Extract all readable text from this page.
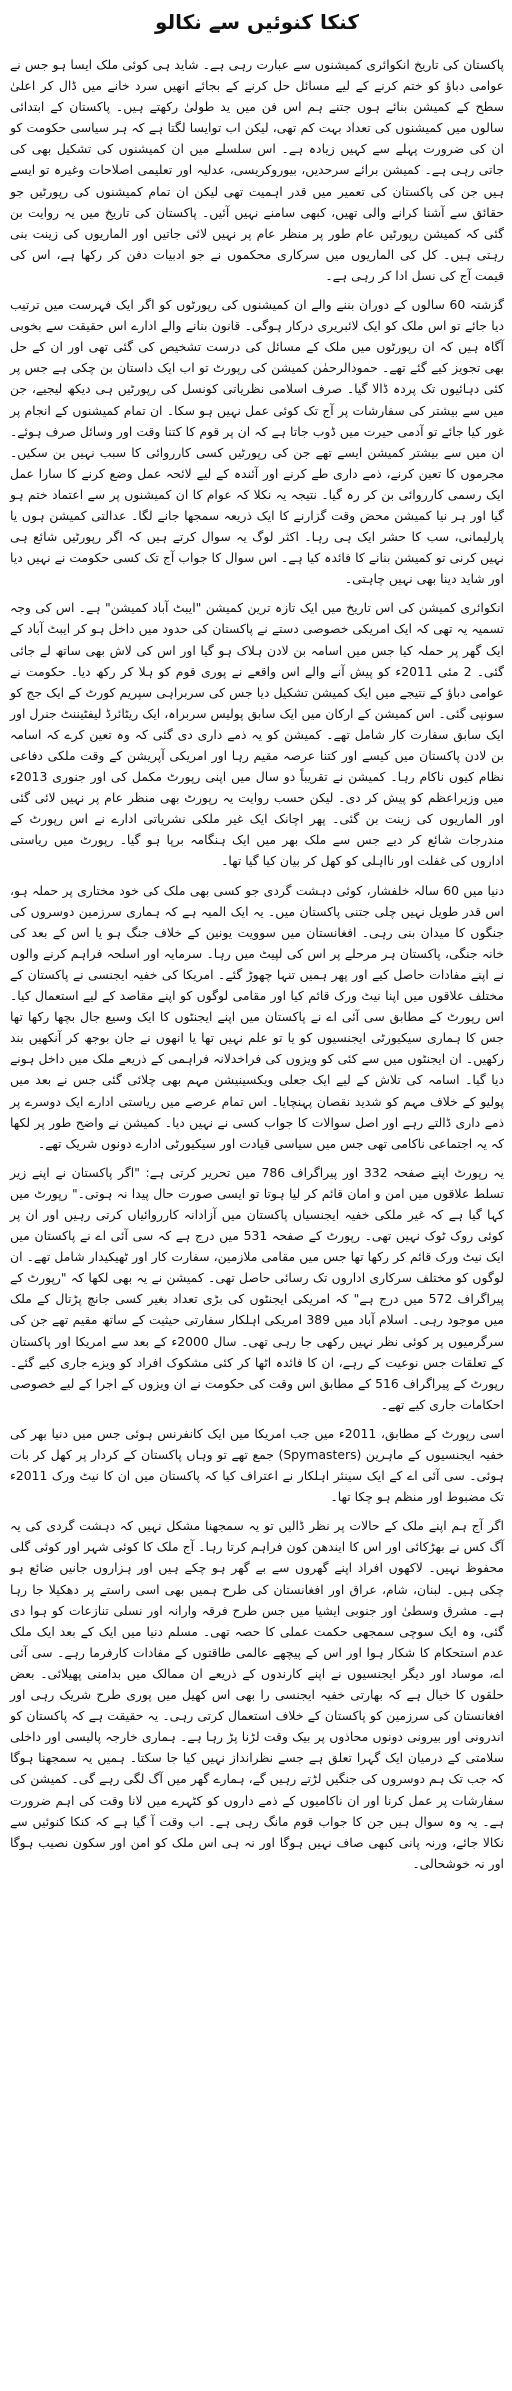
کنکا کنوئیں سے نکالو

پاکستان کی تاریخ انکوائری کمیشنوں سے عبارت رہی ہے۔ شاید ہی کوئی ملک ایسا ہو جس نے عوامی دباؤ کو ختم کرنے کے لیے مسائل حل کرنے کے بجائے انھیں سرد خانے میں ڈال کر اعلیٰ سطح کے کمیشن بنائے ہوں جتنے ہم اس فن میں ید طولیٰ رکھتے ہیں۔ پاکستان کے ابتدائی سالوں میں کمیشنوں کی تعداد بہت کم تھی، لیکن اب توایسا لگتا ہے کہ ہر سیاسی حکومت کو ان کی ضرورت پہلے سے کہیں زیادہ ہے۔ اس سلسلے میں ان کمیشنوں کی تشکیل بھی کی جاتی رہی ہے۔ کمیشن برائے سرحدیں، بیوروکریسی، عدلیہ اور تعلیمی اصلاحات وغیرہ تو ایسے ہیں جن کی پاکستان کی تعمیر میں قدر اہمیت تھی لیکن ان تمام کمیشنوں کی رپورٹیں جو حقائق سے آشنا کرانے والی تھیں، کبھی سامنے نہیں آئیں۔ پاکستان کی تاریخ میں یہ روایت بن گئی کہ کمیشن رپورٹیں عام طور پر منظر عام پر نہیں لائی جاتیں اور الماریوں کی زینت بنی رہتی ہیں۔ کل کی الماریوں میں سرکاری محکموں نے جو ادبیات دفن کر رکھا ہے، اس کی قیمت آج کی نسل ادا کر رہی ہے۔

گزشتہ 60 سالوں کے دوران بننے والے ان کمیشنوں کی رپورٹوں کو اگر ایک فہرست میں ترتیب دیا جائے تو اس ملک کو ایک لائبریری درکار ہوگی۔ قانون بنانے والے ادارے اس حقیقت سے بخوبی آگاہ ہیں کہ ان رپورٹوں میں ملک کے مسائل کی درست تشخیص کی گئی تھی اور ان کے حل بھی تجویز کیے گئے تھے۔ حمودالرحمٰن کمیشن کی رپورٹ تو اب ایک داستان بن چکی ہے جس پر کئی دہائیوں تک پردہ ڈالا گیا۔ صرف اسلامی نظریاتی کونسل کی رپورٹیں ہی دیکھ لیجیے، جن میں سے بیشتر کی سفارشات پر آج تک کوئی عمل نہیں ہو سکا۔ ان تمام کمیشنوں کے انجام پر غور کیا جائے تو آدمی حیرت میں ڈوب جاتا ہے کہ ان پر قوم کا کتنا وقت اور وسائل صرف ہوئے۔ ان میں سے بیشتر کمیشن ایسے تھے جن کی رپورٹیں کسی کارروائی کا سبب نہیں بن سکیں۔ مجرموں کا تعین کرنے، ذمے داری طے کرنے اور آئندہ کے لیے لائحہ عمل وضع کرنے کا سارا عمل ایک رسمی کارروائی بن کر رہ گیا۔ نتیجہ یہ نکلا کہ عوام کا ان کمیشنوں پر سے اعتماد ختم ہو گیا اور ہر نیا کمیشن محض وقت گزارنے کا ایک ذریعہ سمجھا جانے لگا۔ عدالتی کمیشن ہوں یا پارلیمانی، سب کا حشر ایک ہی رہا۔ اکثر لوگ یہ سوال کرتے ہیں کہ اگر رپورٹیں شائع ہی نہیں کرنی تو کمیشن بنانے کا فائدہ کیا ہے۔ اس سوال کا جواب آج تک کسی حکومت نے نہیں دیا اور شاید دینا بھی نہیں چاہتی۔

انکوائری کمیشن کی اس تاریخ میں ایک تازہ ترین کمیشن "ایبٹ آباد کمیشن" ہے۔ اس کی وجہ تسمیہ یہ تھی کہ ایک امریکی خصوصی دستے نے پاکستان کی حدود میں داخل ہو کر ایبٹ آباد کے ایک گھر پر حملہ کیا جس میں اسامہ بن لادن ہلاک ہو گیا اور اس کی لاش بھی ساتھ لے جائی گئی۔ 2 مئی 2011ء کو پیش آنے والے اس واقعے نے پوری قوم کو ہلا کر رکھ دیا۔ حکومت نے عوامی دباؤ کے نتیجے میں ایک کمیشن تشکیل دیا جس کی سربراہی سپریم کورٹ کے ایک جج کو سونپی گئی۔ اس کمیشن کے ارکان میں ایک سابق پولیس سربراہ، ایک ریٹائرڈ لیفٹیننٹ جنرل اور ایک سابق سفارت کار شامل تھے۔ کمیشن کو یہ ذمے داری دی گئی کہ وہ تعین کرے کہ اسامہ بن لادن پاکستان میں کیسے اور کتنا عرصہ مقیم رہا اور امریکی آپریشن کے وقت ملکی دفاعی نظام کیوں ناکام رہا۔ کمیشن نے تقریباً دو سال میں اپنی رپورٹ مکمل کی اور جنوری 2013ء میں وزیراعظم کو پیش کر دی۔ لیکن حسب روایت یہ رپورٹ بھی منظر عام پر نہیں لائی گئی اور الماریوں کی زینت بن گئی۔ پھر اچانک ایک غیر ملکی نشریاتی ادارے نے اس رپورٹ کے مندرجات شائع کر دیے جس سے ملک بھر میں ایک ہنگامہ برپا ہو گیا۔ رپورٹ میں ریاستی اداروں کی غفلت اور نااہلی کو کھل کر بیان کیا گیا تھا۔

دنیا میں 60 سالہ خلفشار، کوئی دہشت گردی جو کسی بھی ملک کی خود مختاری پر حملہ ہو، اس قدر طویل نہیں چلی جتنی پاکستان میں۔ یہ ایک المیہ ہے کہ ہماری سرزمین دوسروں کی جنگوں کا میدان بنی رہی۔ افغانستان میں سوویت یونین کے خلاف جنگ ہو یا اس کے بعد کی خانہ جنگی، پاکستان ہر مرحلے پر اس کی لپیٹ میں رہا۔ سرمایہ اور اسلحہ فراہم کرنے والوں نے اپنے مفادات حاصل کیے اور پھر ہمیں تنہا چھوڑ گئے۔ امریکا کی خفیہ ایجنسی نے پاکستان کے مختلف علاقوں میں اپنا نیٹ ورک قائم کیا اور مقامی لوگوں کو اپنے مقاصد کے لیے استعمال کیا۔ اس رپورٹ کے مطابق سی آئی اے نے پاکستان میں اپنے ایجنٹوں کا ایک وسیع جال بچھا رکھا تھا جس کا ہماری سیکیورٹی ایجنسیوں کو یا تو علم نہیں تھا یا انھوں نے جان بوجھ کر آنکھیں بند رکھیں۔ ان ایجنٹوں میں سے کئی کو ویزوں کی فراخدلانہ فراہمی کے ذریعے ملک میں داخل ہونے دیا گیا۔ اسامہ کی تلاش کے لیے ایک جعلی ویکسینیشن مہم بھی چلائی گئی جس نے بعد میں پولیو کے خلاف مہم کو شدید نقصان پہنچایا۔ اس تمام عرصے میں ریاستی ادارے ایک دوسرے پر ذمے داری ڈالتے رہے اور اصل سوالات کا جواب کسی نے نہیں دیا۔ کمیشن نے واضح طور پر لکھا کہ یہ اجتماعی ناکامی تھی جس میں سیاسی قیادت اور سیکیورٹی ادارے دونوں شریک تھے۔

یہ رپورٹ اپنے صفحہ 332 اور پیراگراف 786 میں تحریر کرتی ہے: "اگر پاکستان نے اپنے زیر تسلط علاقوں میں امن و امان قائم کر لیا ہوتا تو ایسی صورت حال پیدا نہ ہوتی۔" رپورٹ میں کہا گیا ہے کہ غیر ملکی خفیہ ایجنسیاں پاکستان میں آزادانہ کارروائیاں کرتی رہیں اور ان پر کوئی روک ٹوک نہیں تھی۔ رپورٹ کے صفحہ 531 میں درج ہے کہ سی آئی اے نے پاکستان میں ایک نیٹ ورک قائم کر رکھا تھا جس میں مقامی ملازمین، سفارت کار اور ٹھیکیدار شامل تھے۔ ان لوگوں کو مختلف سرکاری اداروں تک رسائی حاصل تھی۔ کمیشن نے یہ بھی لکھا کہ "رپورٹ کے پیراگراف 572 میں درج ہے" کہ امریکی ایجنٹوں کی بڑی تعداد بغیر کسی جانچ پڑتال کے ملک میں موجود رہی۔ اسلام آباد میں 389 امریکی اہلکار سفارتی حیثیت کے ساتھ مقیم تھے جن کی سرگرمیوں پر کوئی نظر نہیں رکھی جا رہی تھی۔ سال 2000ء کے بعد سے امریکا اور پاکستان کے تعلقات جس نوعیت کے رہے، ان کا فائدہ اٹھا کر کئی مشکوک افراد کو ویزے جاری کیے گئے۔ رپورٹ کے پیراگراف 516 کے مطابق اس وقت کی حکومت نے ان ویزوں کے اجرا کے لیے خصوصی احکامات جاری کیے تھے۔

اسی رپورٹ کے مطابق، 2011ء میں جب امریکا میں ایک کانفرنس ہوئی جس میں دنیا بھر کی خفیہ ایجنسیوں کے ماہرین (Spymasters) جمع تھے تو وہاں پاکستان کے کردار پر کھل کر بات ہوئی۔ سی آئی اے کے ایک سینئر اہلکار نے اعتراف کیا کہ پاکستان میں ان کا نیٹ ورک 2011ء تک مضبوط اور منظم ہو چکا تھا۔

اگر آج ہم اپنے ملک کے حالات پر نظر ڈالیں تو یہ سمجھنا مشکل نہیں کہ دہشت گردی کی یہ آگ کس نے بھڑکائی اور اس کا ایندھن کون فراہم کرتا رہا۔ آج ملک کا کوئی شہر اور کوئی گلی محفوظ نہیں۔ لاکھوں افراد اپنے گھروں سے بے گھر ہو چکے ہیں اور ہزاروں جانیں ضائع ہو چکی ہیں۔ لبنان، شام، عراق اور افغانستان کی طرح ہمیں بھی اسی راستے پر دھکیلا جا رہا ہے۔ مشرق وسطیٰ اور جنوبی ایشیا میں جس طرح فرقہ وارانہ اور نسلی تنازعات کو ہوا دی گئی، وہ ایک سوچی سمجھی حکمت عملی کا حصہ تھی۔ مسلم دنیا میں ایک کے بعد ایک ملک عدم استحکام کا شکار ہوا اور اس کے پیچھے عالمی طاقتوں کے مفادات کارفرما رہے۔ سی آئی اے، موساد اور دیگر ایجنسیوں نے اپنے کارندوں کے ذریعے ان ممالک میں بدامنی پھیلائی۔ بعض حلقوں کا خیال ہے کہ بھارتی خفیہ ایجنسی را بھی اس کھیل میں پوری طرح شریک رہی اور افغانستان کی سرزمین کو پاکستان کے خلاف استعمال کرتی رہی۔ یہ حقیقت ہے کہ پاکستان کو اندرونی اور بیرونی دونوں محاذوں پر بیک وقت لڑنا پڑ رہا ہے۔ ہماری خارجہ پالیسی اور داخلی سلامتی کے درمیان ایک گہرا تعلق ہے جسے نظرانداز نہیں کیا جا سکتا۔ ہمیں یہ سمجھنا ہوگا کہ جب تک ہم دوسروں کی جنگیں لڑتے رہیں گے، ہمارے گھر میں آگ لگی رہے گی۔ کمیشن کی سفارشات پر عمل کرنا اور ان ناکامیوں کے ذمے داروں کو کٹہرے میں لانا وقت کی اہم ضرورت ہے۔ یہ وہ سوال ہیں جن کا جواب قوم مانگ رہی ہے۔ اب وقت آ گیا ہے کہ کنکا کنوئیں سے نکالا جائے، ورنہ پانی کبھی صاف نہیں ہوگا اور نہ ہی اس ملک کو امن اور سکون نصیب ہوگا اور نہ خوشحالی۔
